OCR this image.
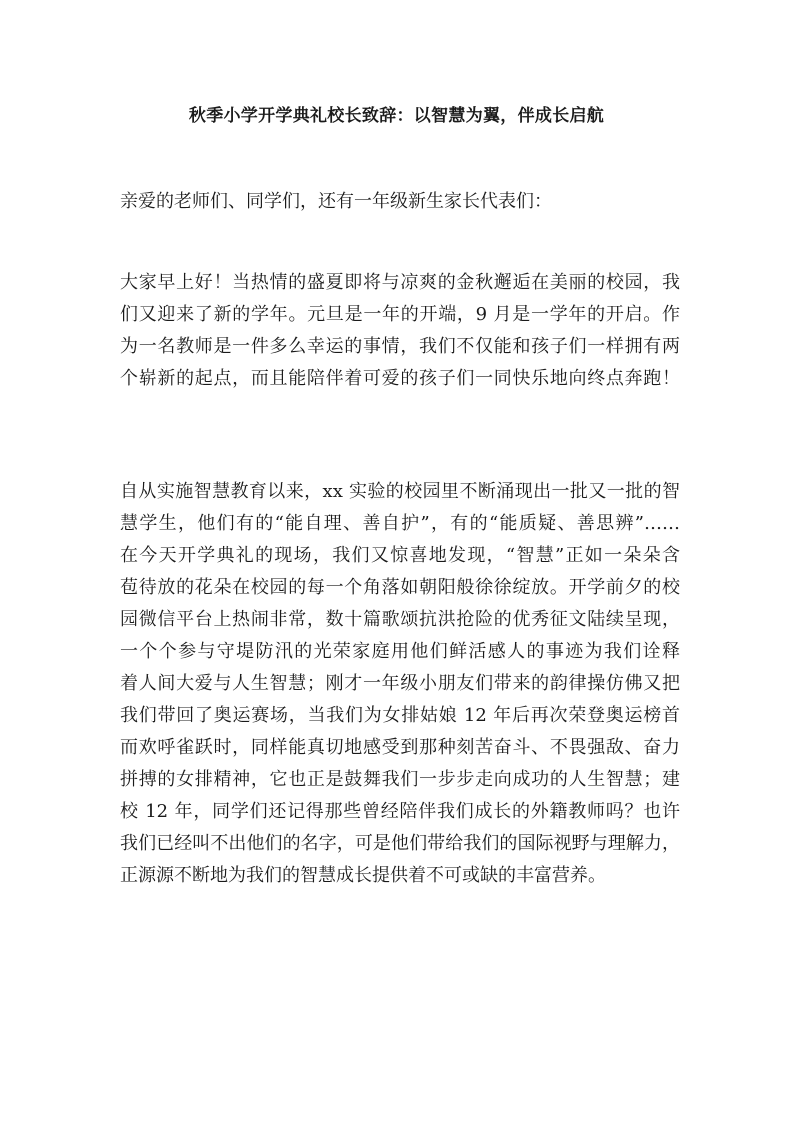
秋季小学开学典礼校长致辞：以智慧为翼，伴成长启航
亲爱的老师们、同学们，还有一年级新生家长代表们：
大家早上好！当热情的盛夏即将与凉爽的金秋邂逅在美丽的校园，我
们又迎来了新的学年。元旦是一年的开端，9 月是一学年的开启。作
为一名教师是一件多么幸运的事情，我们不仅能和孩子们一样拥有两
个崭新的起点，而且能陪伴着可爱的孩子们一同快乐地向终点奔跑！
自从实施智慧教育以来，xx 实验的校园里不断涌现出一批又一批的智
慧学生，他们有的“能自理、善自护”，有的“能质疑、善思辨”……
在今天开学典礼的现场，我们又惊喜地发现，“智慧”正如一朵朵含
苞待放的花朵在校园的每一个角落如朝阳般徐徐绽放。开学前夕的校
园微信平台上热闹非常，数十篇歌颂抗洪抢险的优秀征文陆续呈现，
一个个参与守堤防汛的光荣家庭用他们鲜活感人的事迹为我们诠释
着人间大爱与人生智慧；刚才一年级小朋友们带来的韵律操仿佛又把
我们带回了奥运赛场，当我们为女排姑娘 12 年后再次荣登奥运榜首
而欢呼雀跃时，同样能真切地感受到那种刻苦奋斗、不畏强敌、奋力
拼搏的女排精神，它也正是鼓舞我们一步步走向成功的人生智慧；建
校 12 年，同学们还记得那些曾经陪伴我们成长的外籍教师吗？也许
我们已经叫不出他们的名字，可是他们带给我们的国际视野与理解力，
正源源不断地为我们的智慧成长提供着不可或缺的丰富营养。
